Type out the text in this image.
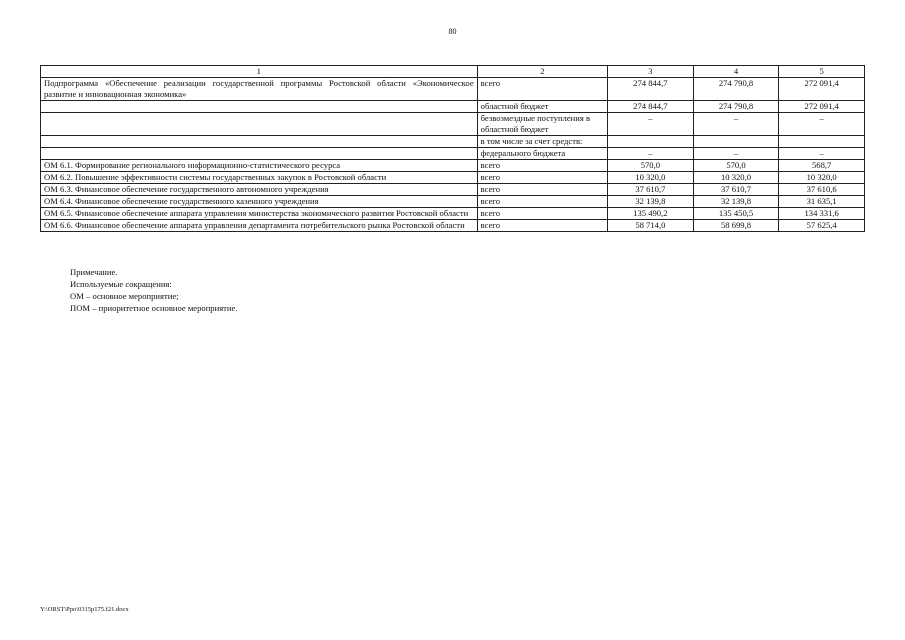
80
1	2	3	4	5
Подпрограмма «Обеспечение реализации государственной программы Ростовской области «Экономическое развитие и инновационная экономика»	всего	274 844,7	274 790,8	272 091,4
	областной бюджет	274 844,7	274 790,8	272 091,4
	безвозмездные поступления в областной бюджет	–	–	–
	в том числе за счет средств:			
	федерального бюджета	–	–	–
ОМ 6.1. Формирование регионального информационно-статистического ресурса	всего	570,0	570,0	568,7
ОМ 6.2. Повышение эффективности системы государственных закупок в Ростовской области	всего	10 320,0	10 320,0	10 320,0
ОМ 6.3. Финансовое обеспечение государственного автономного учреждения	всего	37 610,7	37 610,7	37 610,6
ОМ 6.4. Финансовое обеспечение государственного казенного учреждения	всего	32 139,8	32 139,8	31 635,1
ОМ 6.5. Финансовое обеспечение аппарата управления министерства экономического развития Ростовской области	всего	135 490,2	135 450,5	134 331,6
ОМ 6.6. Финансовое обеспечение аппарата управления департамента потребительского рынка Ростовской области	всего	58 714,0	58 699,8	57 625,4
Примечание.
Используемые сокращения:
ОМ – основное мероприятие;
ПОМ – приоритетное основное мероприятие.
Y:\ORST\Ppo\0315p175.f21.docx
